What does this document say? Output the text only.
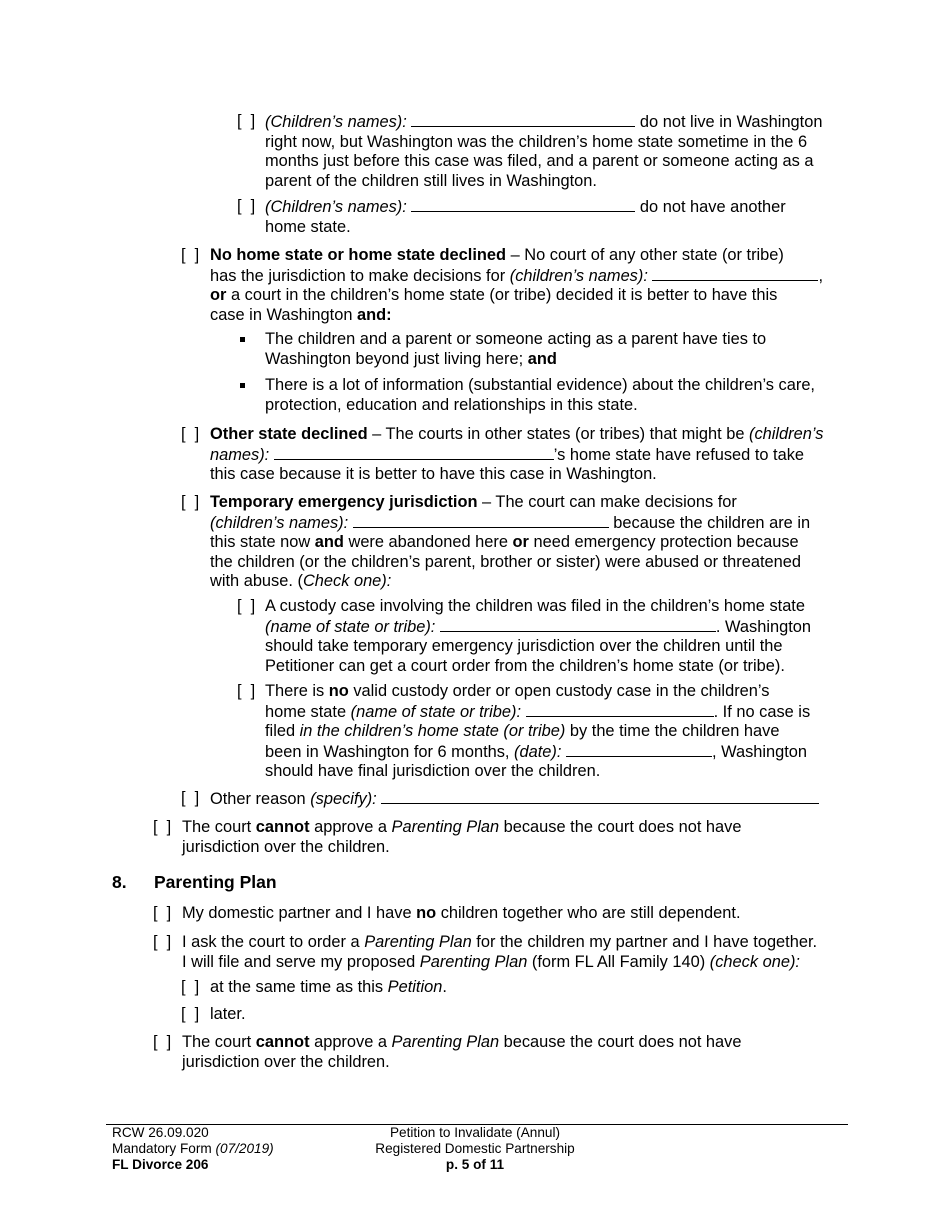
[  ] (Children’s names):	do not live in Washington
right now, but Washington was the children’s home state sometime in the 6 months just before this case was filed, and a parent or someone acting as a parent of the children still lives in Washington.
[  ] (Children’s names):	do not have another
home state.
[  ] No home state or home state declined – No court of any other state (or tribe)
has the jurisdiction to make decisions for (children’s names):	,
or a court in the children’s home state (or tribe) decided it is better to have this
case in Washington and:
The children and a parent or someone acting as a parent have ties to
Washington beyond just living here; and
There is a lot of information (substantial evidence) about the children’s care,
protection, education and relationships in this state.
[  ] Other state declined – The courts in other states (or tribes) that might be (children’s
names):	’s home state have refused to take
this case because it is better to have this case in Washington.
[  ] Temporary emergency jurisdiction – The court can make decisions for
(children’s names):	because the children are in
this state now and were abandoned here or need emergency protection because
the children (or the children’s parent, brother or sister) were abused or threatened
with abuse. (Check one):
[  ] A custody case involving the children was filed in the children’s home state
(name of state or tribe):	. Washington
should take temporary emergency jurisdiction over the children until the
Petitioner can get a court order from the children’s home state (or tribe).
[  ] There is no valid custody order or open custody case in the children’s
home state (name of state or tribe):	. If no case is
filed in the children’s home state (or tribe) by the time the children have
been in Washington for 6 months, (date):	, Washington
should have final jurisdiction over the children.
[  ] Other reason (specify):
[  ] The court cannot approve a Parenting Plan because the court does not have
jurisdiction over the children.
8. Parenting Plan
[  ] My domestic partner and I have no children together who are still dependent.
[  ] I ask the court to order a Parenting Plan for the children my partner and I have together.
I will file and serve my proposed Parenting Plan (form FL All Family 140) (check one):
[  ] at the same time as this Petition.
[  ] later.
[  ] The court cannot approve a Parenting Plan because the court does not have
jurisdiction over the children.
RCW 26.09.020
Mandatory Form (07/2019)
FL Divorce 206
Petition to Invalidate (Annul)
Registered Domestic Partnership
p. 5 of 11
